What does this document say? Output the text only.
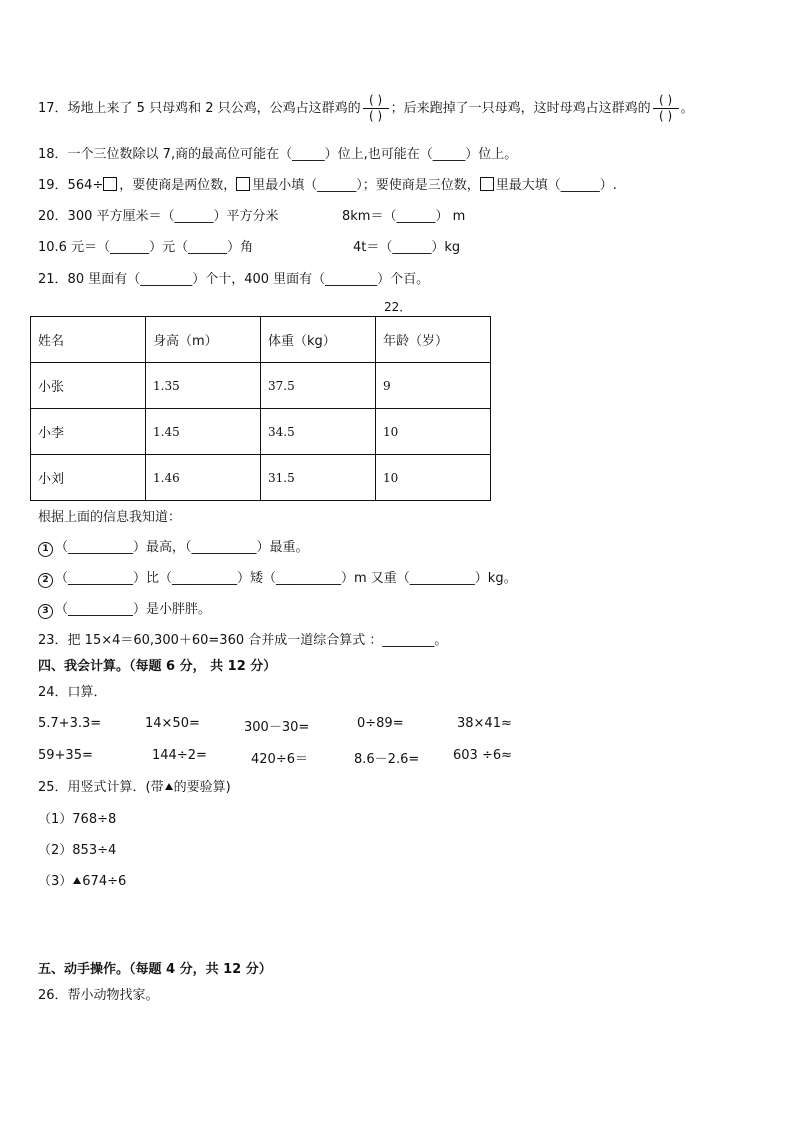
17．场地上来了 5 只母鸡和 2 只公鸡，公鸡占这群鸡的 $\frac{( )}{( )}$ ；后来跑掉了一只母鸡，这时母鸡占这群鸡的 $\frac{( )}{( )}$ 。
18．一个三位数除以 7,商的最高位可能在（_____）位上,也可能在（_____）位上。
19．564÷ ，要使商是两位数， 里最小填（______）；要使商是三位数， 里最大填（______）.
20．300 平方厘米＝（______）平方分米	8km＝（______） m
10.6 元＝（______）元（______）角	4t＝（______）kg
21．80 里面有（________）个十，400 里面有（________）个百。
22．
姓名	身高（m）	体重（kg）	年龄（岁）
小张	1.35	37.5	9
小李	1.45	34.5	10
小刘	1.46	31.5	10
根据上面的信息我知道：
1 （__________）最高，（__________）最重。
2 （__________）比（__________）矮（__________）m 又重（__________）kg。
3 （__________）是小胖胖。
23．把 15×4＝60,300＋60=360 合并成一道综合算式 ：________。
四、我会计算。（每题 6 分， 共 12 分）
24．口算．
5.7+3.3=	14×50=	300－30=	0÷89=	38×41≈
59+35=	144÷2=	420÷6＝	8.6－2.6=	603 ÷6≈
25．用竖式计算．(带 的要验算)
（1）768÷8
（2）853÷4
（3） 674÷6
五、动手操作。（每题 4 分，共 12 分）
26．帮小动物找家。
